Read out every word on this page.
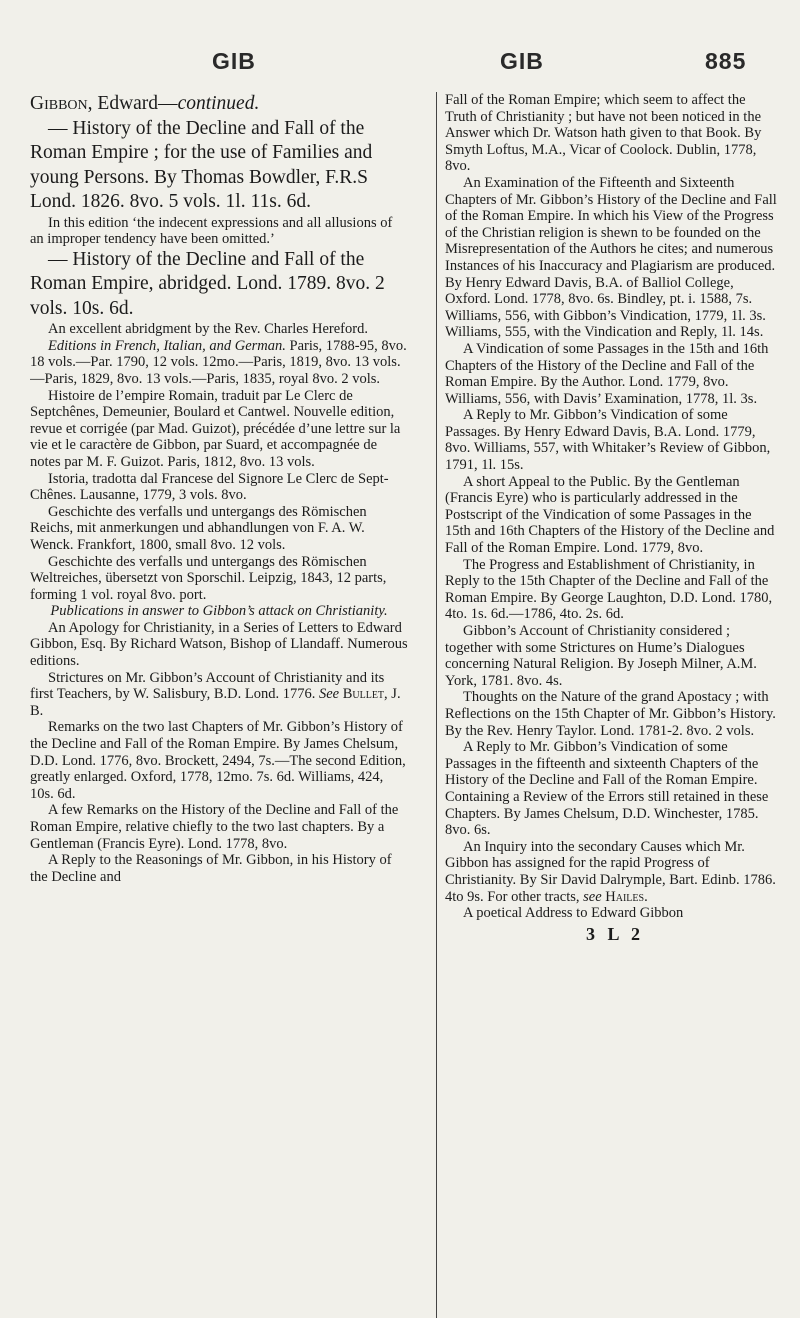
GIB	GIB	885

Gibbon, Edward—continued.

— History of the Decline and Fall of the Roman Empire ; for the use of Families and young Persons. By Thomas Bowdler, F.R.S Lond. 1826. 8vo. 5 vols. 1l. 11s. 6d.

In this edition ‘the indecent expressions and all allusions of an improper tendency have been omitted.’

— History of the Decline and Fall of the Roman Empire, abridged. Lond. 1789. 8vo. 2 vols. 10s. 6d.

An excellent abridgment by the Rev. Charles Hereford.

Editions in French, Italian, and German. Paris, 1788-95, 8vo. 18 vols.—Par. 1790, 12 vols. 12mo.—Paris, 1819, 8vo. 13 vols.—Paris, 1829, 8vo. 13 vols.—Paris, 1835, royal 8vo. 2 vols.

Histoire de l’empire Romain, traduit par Le Clerc de Septchênes, Demeunier, Boulard et Cantwel. Nouvelle edition, revue et corrigée (par Mad. Guizot), précédée d’une lettre sur la vie et le caractère de Gibbon, par Suard, et accompagnée de notes par M. F. Guizot. Paris, 1812, 8vo. 13 vols.

Istoria, tradotta dal Francese del Signore Le Clerc de Sept-Chênes. Lausanne, 1779, 3 vols. 8vo.

Geschichte des verfalls und untergangs des Römischen Reichs, mit anmerkungen und abhandlungen von F. A. W. Wenck. Frankfort, 1800, small 8vo. 12 vols.

Geschichte des verfalls und untergangs des Römischen Weltreiches, übersetzt von Sporschil. Leipzig, 1843, 12 parts, forming 1 vol. royal 8vo. port.

Publications in answer to Gibbon’s attack on Christianity.

An Apology for Christianity, in a Series of Letters to Edward Gibbon, Esq. By Richard Watson, Bishop of Llandaff. Numerous editions.

Strictures on Mr. Gibbon’s Account of Christianity and its first Teachers, by W. Salisbury, B.D. Lond. 1776. See Bullet, J. B.

Remarks on the two last Chapters of Mr. Gibbon’s History of the Decline and Fall of the Roman Empire. By James Chelsum, D.D. Lond. 1776, 8vo. Brockett, 2494, 7s.—The second Edition, greatly enlarged. Oxford, 1778, 12mo. 7s. 6d. Williams, 424, 10s. 6d.

A few Remarks on the History of the Decline and Fall of the Roman Empire, relative chiefly to the two last chapters. By a Gentleman (Francis Eyre). Lond. 1778, 8vo.

A Reply to the Reasonings of Mr. Gibbon, in his History of the Decline and

Fall of the Roman Empire; which seem to affect the Truth of Christianity ; but have not been noticed in the Answer which Dr. Watson hath given to that Book. By Smyth Loftus, M.A., Vicar of Coolock. Dublin, 1778, 8vo.

An Examination of the Fifteenth and Sixteenth Chapters of Mr. Gibbon’s History of the Decline and Fall of the Roman Empire. In which his View of the Progress of the Christian religion is shewn to be founded on the Misrepresentation of the Authors he cites; and numerous Instances of his Inaccuracy and Plagiarism are produced. By Henry Edward Davis, B.A. of Balliol College, Oxford. Lond. 1778, 8vo. 6s. Bindley, pt. i. 1588, 7s. Williams, 556, with Gibbon’s Vindication, 1779, 1l. 3s. Williams, 555, with the Vindication and Reply, 1l. 14s.

A Vindication of some Passages in the 15th and 16th Chapters of the History of the Decline and Fall of the Roman Empire. By the Author. Lond. 1779, 8vo. Williams, 556, with Davis’ Examination, 1778, 1l. 3s.

A Reply to Mr. Gibbon’s Vindication of some Passages. By Henry Edward Davis, B.A. Lond. 1779, 8vo. Williams, 557, with Whitaker’s Review of Gibbon, 1791, 1l. 15s.

A short Appeal to the Public. By the Gentleman (Francis Eyre) who is particularly addressed in the Postscript of the Vindication of some Passages in the 15th and 16th Chapters of the History of the Decline and Fall of the Roman Empire. Lond. 1779, 8vo.

The Progress and Establishment of Christianity, in Reply to the 15th Chapter of the Decline and Fall of the Roman Empire. By George Laughton, D.D. Lond. 1780, 4to. 1s. 6d.—1786, 4to. 2s. 6d.

Gibbon’s Account of Christianity considered ; together with some Strictures on Hume’s Dialogues concerning Natural Religion. By Joseph Milner, A.M. York, 1781. 8vo. 4s.

Thoughts on the Nature of the grand Apostacy ; with Reflections on the 15th Chapter of Mr. Gibbon’s History. By the Rev. Henry Taylor. Lond. 1781-2. 8vo. 2 vols.

A Reply to Mr. Gibbon’s Vindication of some Passages in the fifteenth and sixteenth Chapters of the History of the Decline and Fall of the Roman Empire. Containing a Review of the Errors still retained in these Chapters. By James Chelsum, D.D. Winchester, 1785. 8vo. 6s.

An Inquiry into the secondary Causes which Mr. Gibbon has assigned for the rapid Progress of Christianity. By Sir David Dalrymple, Bart. Edinb. 1786. 4to 9s. For other tracts, see Hailes.

A poetical Address to Edward Gibbon

3 L 2
